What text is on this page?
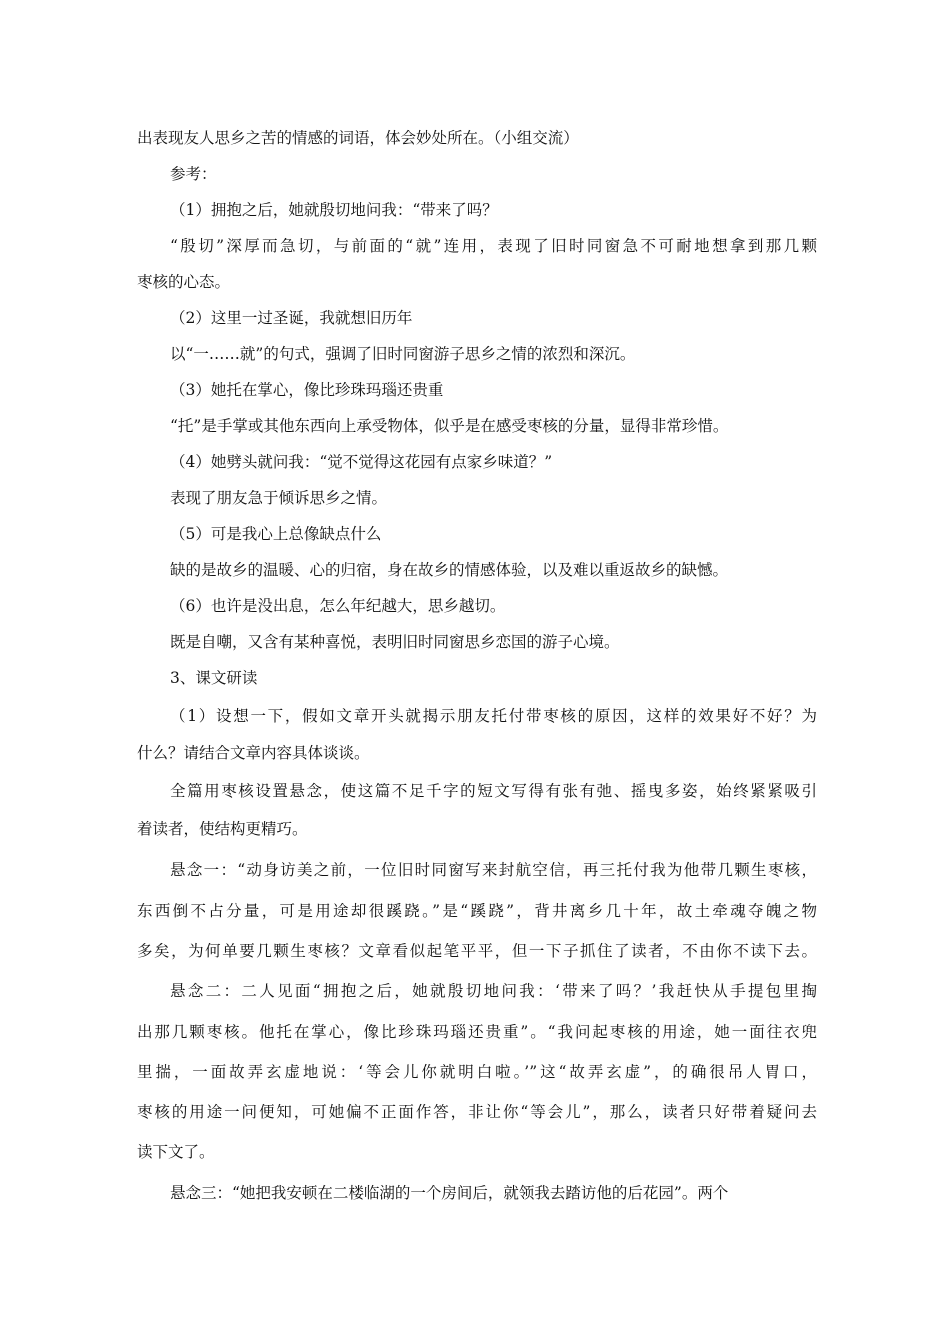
出表现友人思乡之苦的情感的词语，体会妙处所在。（小组交流）
参考：
（1）拥抱之后，她就殷切地问我：“带来了吗？
“殷切”深厚而急切，与前面的“就”连用，表现了旧时同窗急不可耐地想拿到那几颗
枣核的心态。
（2）这里一过圣诞，我就想旧历年
以“一……就”的句式，强调了旧时同窗游子思乡之情的浓烈和深沉。
（3）她托在掌心，像比珍珠玛瑙还贵重
“托”是手掌或其他东西向上承受物体，似乎是在感受枣核的分量，显得非常珍惜。
（4）她劈头就问我：“觉不觉得这花园有点家乡味道？”
表现了朋友急于倾诉思乡之情。
（5）可是我心上总像缺点什么
缺的是故乡的温暖、心的归宿，身在故乡的情感体验，以及难以重返故乡的缺憾。
（6）也许是没出息，怎么年纪越大，思乡越切。
既是自嘲，又含有某种喜悦，表明旧时同窗思乡恋国的游子心境。
3、课文研读
（1）设想一下，假如文章开头就揭示朋友托付带枣核的原因，这样的效果好不好？为
什么？请结合文章内容具体谈谈。
全篇用枣核设置悬念，使这篇不足千字的短文写得有张有弛、摇曳多姿，始终紧紧吸引
着读者，使结构更精巧。
悬念一：“动身访美之前，一位旧时同窗写来封航空信，再三托付我为他带几颗生枣核，
东西倒不占分量，可是用途却很蹊跷。”是“蹊跷”，背井离乡几十年，故土牵魂夺魄之物
多矣，为何单要几颗生枣核？文章看似起笔平平，但一下子抓住了读者，不由你不读下去。
悬念二：二人见面“拥抱之后，她就殷切地问我：‘带来了吗？’我赶快从手提包里掏
出那几颗枣核。他托在掌心，像比珍珠玛瑙还贵重”。“我问起枣核的用途，她一面往衣兜
里揣，一面故弄玄虚地说：‘等会儿你就明白啦。’”这“故弄玄虚”，的确很吊人胃口，
枣核的用途一问便知，可她偏不正面作答，非让你“等会儿”，那么，读者只好带着疑问去
读下文了。
悬念三：“她把我安顿在二楼临湖的一个房间后，就领我去踏访他的后花园”。两个
